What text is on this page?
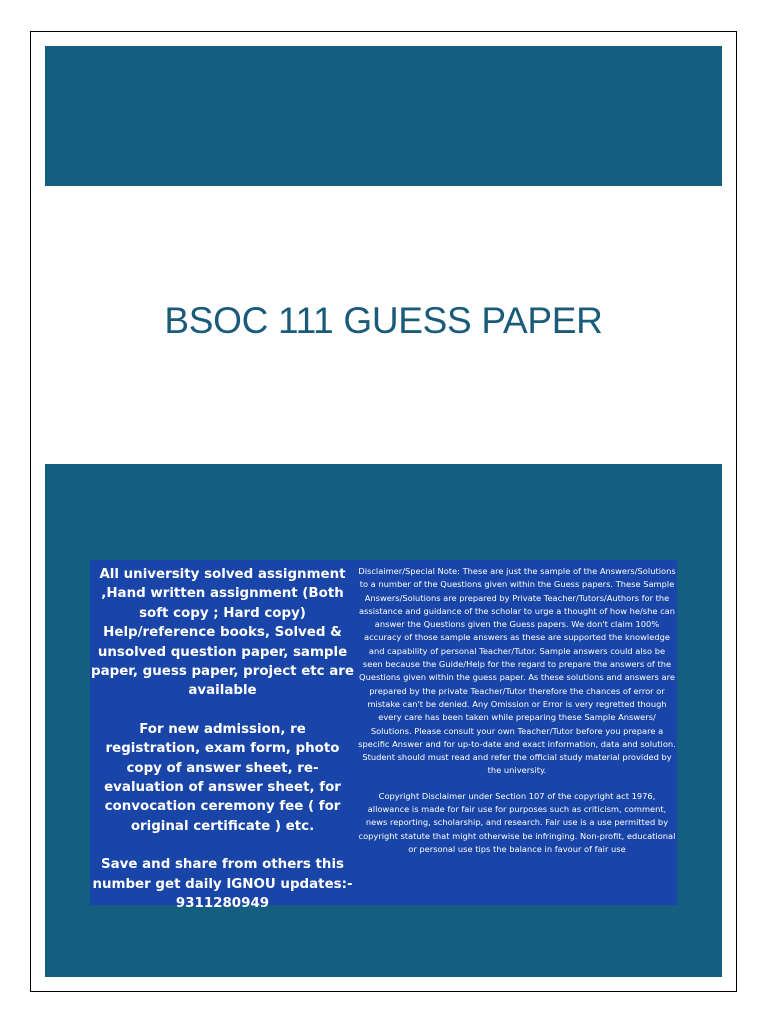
BSOC 111 GUESS PAPER

All university solved assignment ,Hand written assignment (Both soft copy ; Hard copy) Help/reference books, Solved & unsolved question paper, sample paper, guess paper, project etc are available

For new admission, re registration, exam form, photo copy of answer sheet, re-evaluation of answer sheet, for convocation ceremony fee ( for original certificate ) etc.

Save and share from others this number get daily IGNOU updates:- 9311280949

Disclaimer/Special Note: These are just the sample of the Answers/Solutions to a number of the Questions given within the Guess papers. These Sample Answers/Solutions are prepared by Private Teacher/Tutors/Authors for the assistance and guidance of the scholar to urge a thought of how he/she can answer the Questions given the Guess papers. We don't claim 100% accuracy of those sample answers as these are supported the knowledge and capability of personal Teacher/Tutor. Sample answers could also be seen because the Guide/Help for the regard to prepare the answers of the Questions given within the guess paper. As these solutions and answers are prepared by the private Teacher/Tutor therefore the chances of error or mistake can't be denied. Any Omission or Error is very regretted though every care has been taken while preparing these Sample Answers/ Solutions. Please consult your own Teacher/Tutor before you prepare a specific Answer and for up-to-date and exact information, data and solution. Student should must read and refer the official study material provided by the university.

Copyright Disclaimer under Section 107 of the copyright act 1976, allowance is made for fair use for purposes such as criticism, comment, news reporting, scholarship, and research. Fair use is a use permitted by copyright statute that might otherwise be infringing. Non-profit, educational or personal use tips the balance in favour of fair use
